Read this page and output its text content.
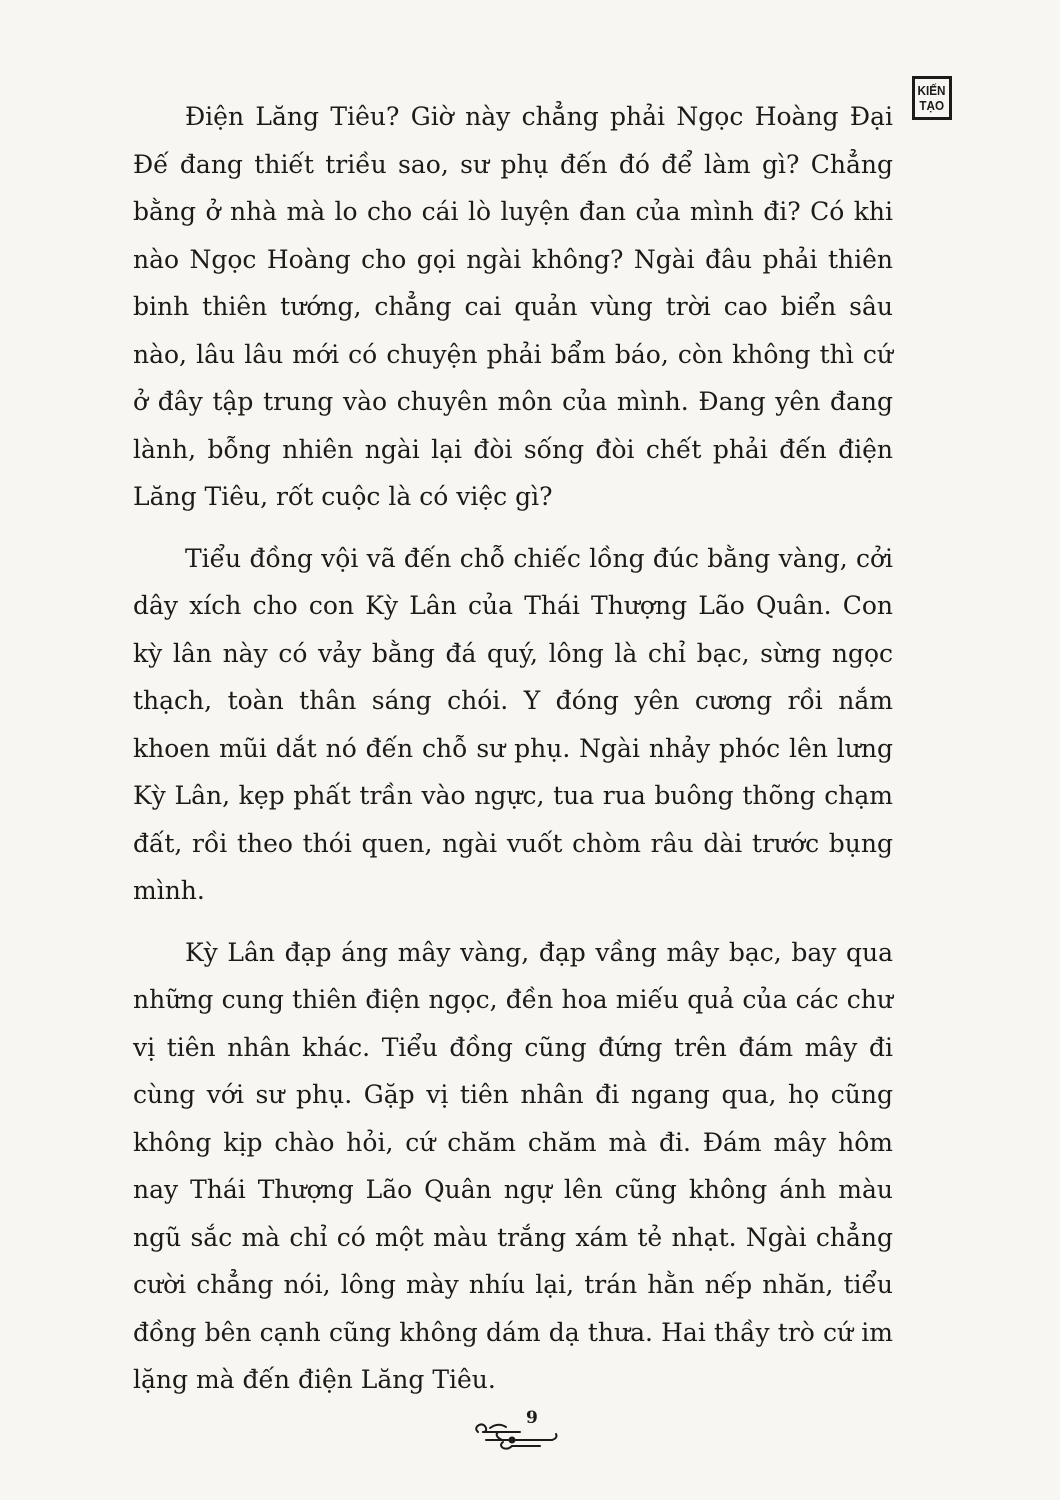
KIẾN
TẠO

Điện Lăng Tiêu? Giờ này chẳng phải Ngọc Hoàng Đại Đế đang thiết triều sao, sư phụ đến đó để làm gì? Chẳng bằng ở nhà mà lo cho cái lò luyện đan của mình đi? Có khi nào Ngọc Hoàng cho gọi ngài không? Ngài đâu phải thiên binh thiên tướng, chẳng cai quản vùng trời cao biển sâu nào, lâu lâu mới có chuyện phải bẩm báo, còn không thì cứ ở đây tập trung vào chuyên môn của mình. Đang yên đang lành, bỗng nhiên ngài lại đòi sống đòi chết phải đến điện Lăng Tiêu, rốt cuộc là có việc gì?

Tiểu đồng vội vã đến chỗ chiếc lồng đúc bằng vàng, cởi dây xích cho con Kỳ Lân của Thái Thượng Lão Quân. Con kỳ lân này có vảy bằng đá quý, lông là chỉ bạc, sừng ngọc thạch, toàn thân sáng chói. Y đóng yên cương rồi nắm khoen mũi dắt nó đến chỗ sư phụ. Ngài nhảy phóc lên lưng Kỳ Lân, kẹp phất trần vào ngực, tua rua buông thõng chạm đất, rồi theo thói quen, ngài vuốt chòm râu dài trước bụng mình.

Kỳ Lân đạp áng mây vàng, đạp vầng mây bạc, bay qua những cung thiên điện ngọc, đền hoa miếu quả của các chư vị tiên nhân khác. Tiểu đồng cũng đứng trên đám mây đi cùng với sư phụ. Gặp vị tiên nhân đi ngang qua, họ cũng không kịp chào hỏi, cứ chăm chăm mà đi. Đám mây hôm nay Thái Thượng Lão Quân ngự lên cũng không ánh màu ngũ sắc mà chỉ có một màu trắng xám tẻ nhạt. Ngài chẳng cười chẳng nói, lông mày nhíu lại, trán hằn nếp nhăn, tiểu đồng bên cạnh cũng không dám dạ thưa. Hai thầy trò cứ im lặng mà đến điện Lăng Tiêu.

9
